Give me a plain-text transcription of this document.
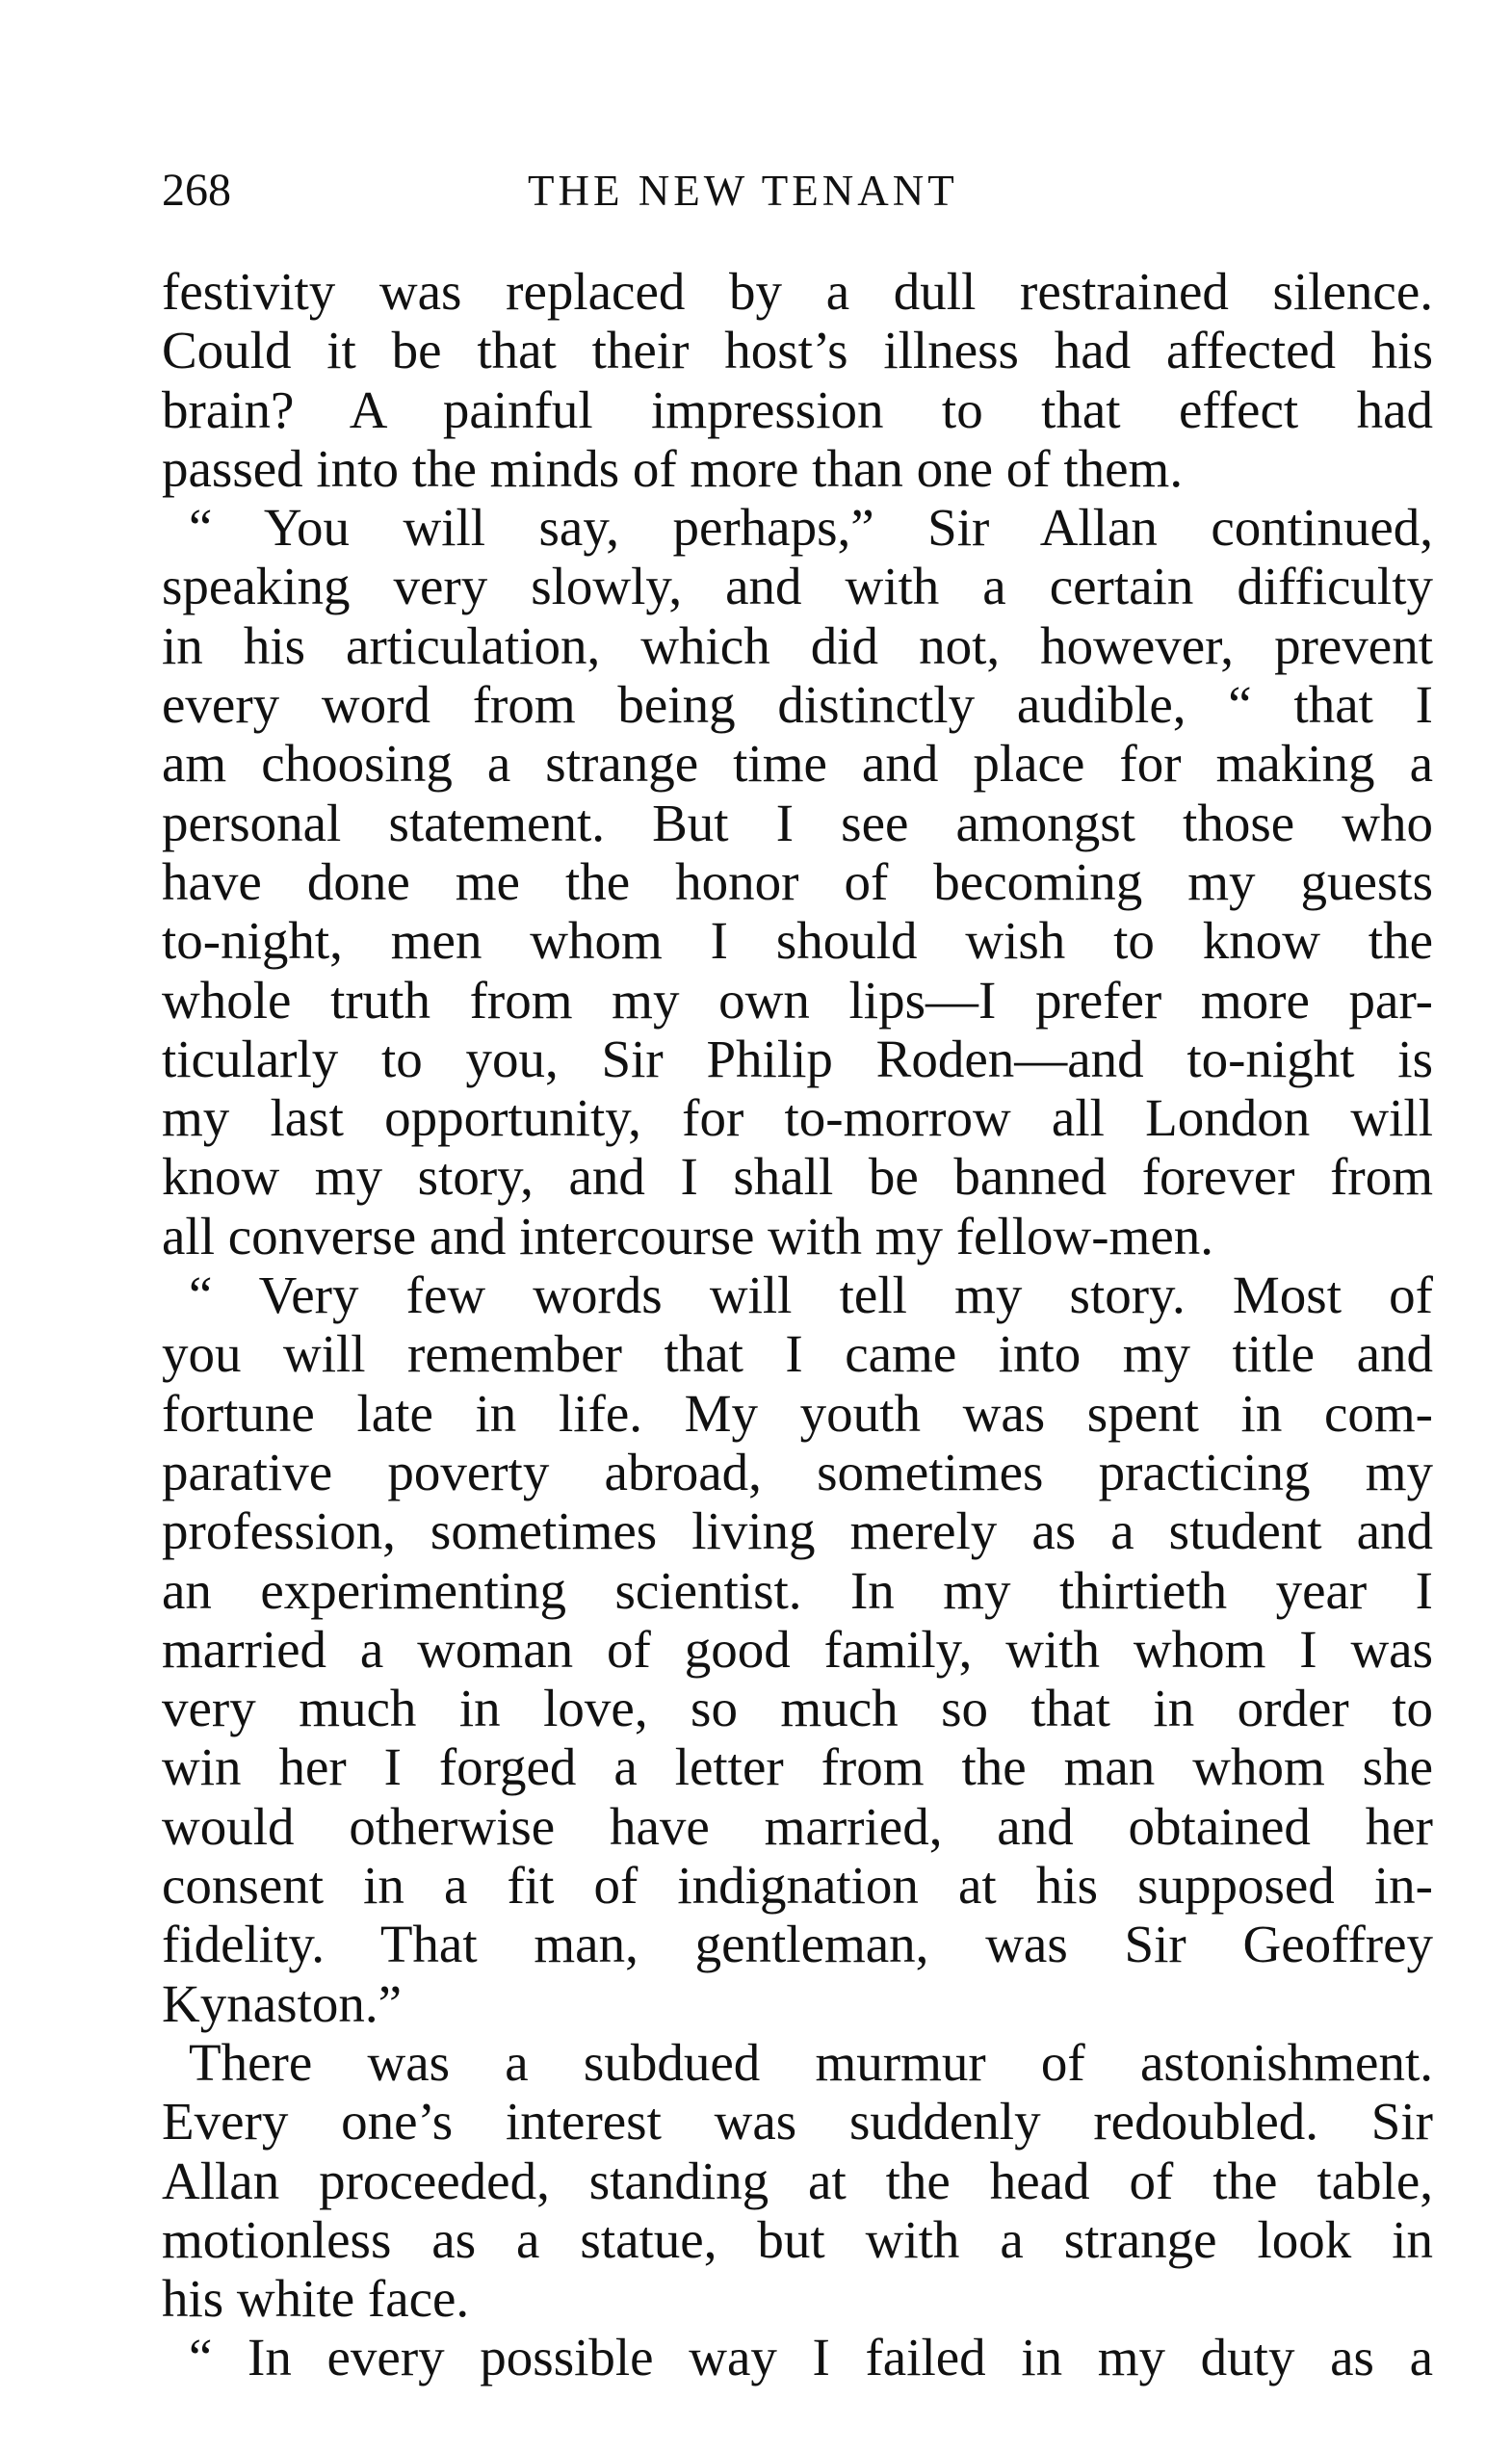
268	THE NEW TENANT
festivity was replaced by a dull restrained silence.
Could it be that their host’s illness had affected his
brain? A painful impression to that effect had
passed into the minds of more than one of them.
“ You will say, perhaps,” Sir Allan continued,
speaking very slowly, and with a certain difficulty
in his articulation, which did not, however, prevent
every word from being distinctly audible, “ that I
am choosing a strange time and place for making a
personal statement. But I see amongst those who
have done me the honor of becoming my guests
to-night, men whom I should wish to know the
whole truth from my own lips—I prefer more par-
ticularly to you, Sir Philip Roden—and to-night is
my last opportunity, for to-morrow all London will
know my story, and I shall be banned forever from
all converse and intercourse with my fellow-men.
“ Very few words will tell my story. Most of
you will remember that I came into my title and
fortune late in life. My youth was spent in com-
parative poverty abroad, sometimes practicing my
profession, sometimes living merely as a student and
an experimenting scientist. In my thirtieth year I
married a woman of good family, with whom I was
very much in love, so much so that in order to
win her I forged a letter from the man whom she
would otherwise have married, and obtained her
consent in a fit of indignation at his supposed in-
fidelity. That man, gentleman, was Sir Geoffrey
Kynaston.”
There was a subdued murmur of astonishment.
Every one’s interest was suddenly redoubled. Sir
Allan proceeded, standing at the head of the table,
motionless as a statue, but with a strange look in
his white face.
“ In every possible way I failed in my duty as a
